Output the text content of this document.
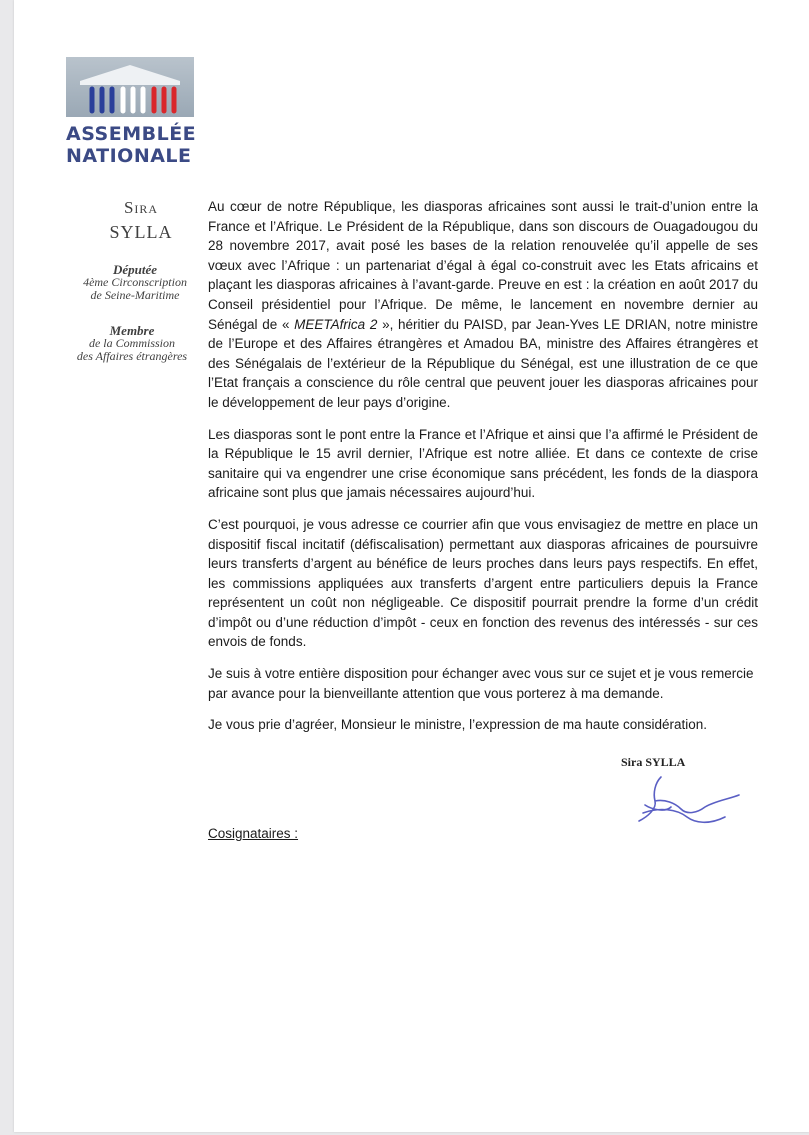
ASSEMBLÉE
NATIONALE
Sira
SYLLA
Députée
4ème Circonscription
de Seine-Maritime
Membre
de la Commission
des Affaires étrangères

Au cœur de notre République, les diasporas africaines sont aussi le trait-d’union entre la France et l’Afrique. Le Président de la République, dans son discours de Ouagadougou du 28 novembre 2017, avait posé les bases de la relation renouvelée qu’il appelle de ses vœux avec l’Afrique : un partenariat d’égal à égal co-construit avec les Etats africains et plaçant les diasporas africaines à l’avant-garde. Preuve en est : la création en août 2017 du Conseil présidentiel pour l’Afrique. De même, le lancement en novembre dernier au Sénégal de « MEETAfrica 2 », héritier du PAISD, par Jean-Yves LE DRIAN, notre ministre de l’Europe et des Affaires étrangères et Amadou BA, ministre des Affaires étrangères et des Sénégalais de l’extérieur de la République du Sénégal, est une illustration de ce que l’Etat français a conscience du rôle central que peuvent jouer les diasporas africaines pour le développement de leur pays d’origine.

Les diasporas sont le pont entre la France et l’Afrique et ainsi que l’a affirmé le Président de la République le 15 avril dernier, l’Afrique est notre alliée. Et dans ce contexte de crise sanitaire qui va engendrer une crise économique sans précédent, les fonds de la diaspora africaine sont plus que jamais nécessaires aujourd’hui.

C’est pourquoi, je vous adresse ce courrier afin que vous envisagiez de mettre en place un dispositif fiscal incitatif (défiscalisation) permettant aux diasporas africaines de poursuivre leurs transferts d’argent au bénéfice de leurs proches dans leurs pays respectifs. En effet, les commissions appliquées aux transferts d’argent entre particuliers depuis la France représentent un coût non négligeable. Ce dispositif pourrait prendre la forme d’un crédit d’impôt ou d’une réduction d’impôt - ceux en fonction des revenus des intéressés - sur ces envois de fonds.

Je suis à votre entière disposition pour échanger avec vous sur ce sujet et je vous remercie par avance pour la bienveillante attention que vous porterez à ma demande.

Je vous prie d’agréer, Monsieur le ministre, l’expression de ma haute considération.

Sira SYLLA
Cosignataires :
